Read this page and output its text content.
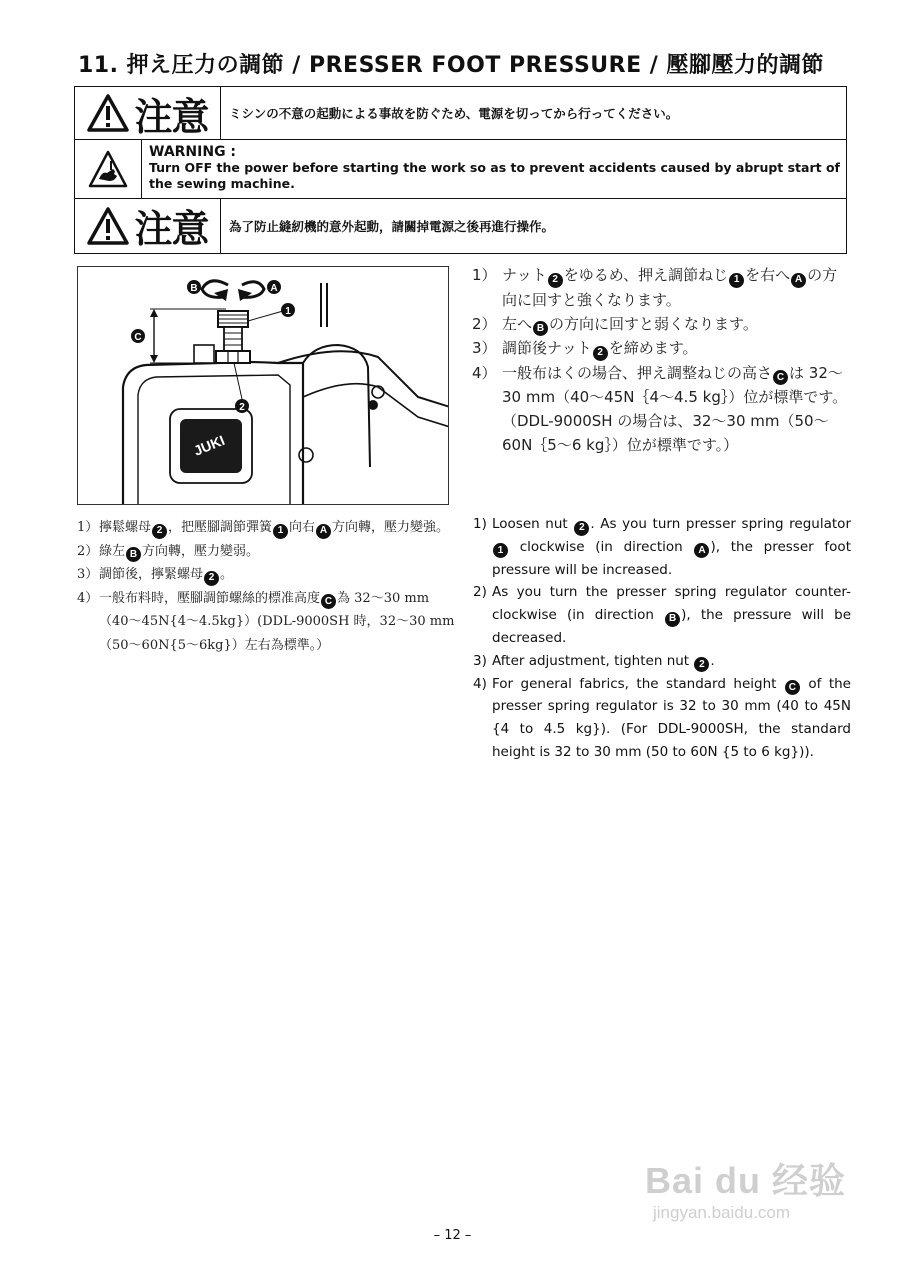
11. 押え圧力の調節 / PRESSER FOOT PRESSURE / 壓腳壓力的調節
注意 ミシンの不意の起動による事故を防ぐため、電源を切ってから行ってください。
WARNING :
Turn OFF the power before starting the work so as to prevent accidents caused by abrupt start of the sewing machine.
注意 為了防止縫紉機的意外起動，請關掉電源之後再進行操作。
JUKI
C
B	A
1
2
1） ナット 2 をゆるめ、押え調節ねじ 1 を右へ A の方向に回すと強くなります。
2） 左へ B の方向に回すと弱くなります。
3） 調節後ナット 2 を締めます。
4） 一般布はくの場合、押え調整ねじの高さ C は 32～30 mm（40～45N｛4～4.5 kg｝）位が標準です。（DDL-9000SH の場合は、32～30 mm（50～60N｛5～6 kg｝）位が標準です。）
1） 擰鬆螺母 2 ，把壓腳調節彈簧 1 向右 A 方向轉，壓力變強。
2） 綠左 B 方向轉，壓力變弱。
3） 調節後，擰緊螺母 2 。
4） 一般布料時，壓腳調節螺絲的標准高度 C 為 32～30 mm（40～45N{4～4.5kg}）(DDL-9000SH 時，32～30 mm（50～60N{5～6kg}）左右為標準。）
1) Loosen nut 2 . As you turn presser spring regulator 1 clockwise (in direction A ), the presser foot pressure will be increased.
2) As you turn the presser spring regulator counter-clockwise (in direction B ), the pressure will be decreased.
3) After adjustment, tighten nut 2 .
4) For general fabrics, the standard height C of the presser spring regulator is 32 to 30 mm (40 to 45N {4 to 4.5 kg}). (For DDL-9000SH, the standard height is 32 to 30 mm (50 to 60N {5 to 6 kg})).
Bai du 经验
jingyan.baidu.com
– 12 –
